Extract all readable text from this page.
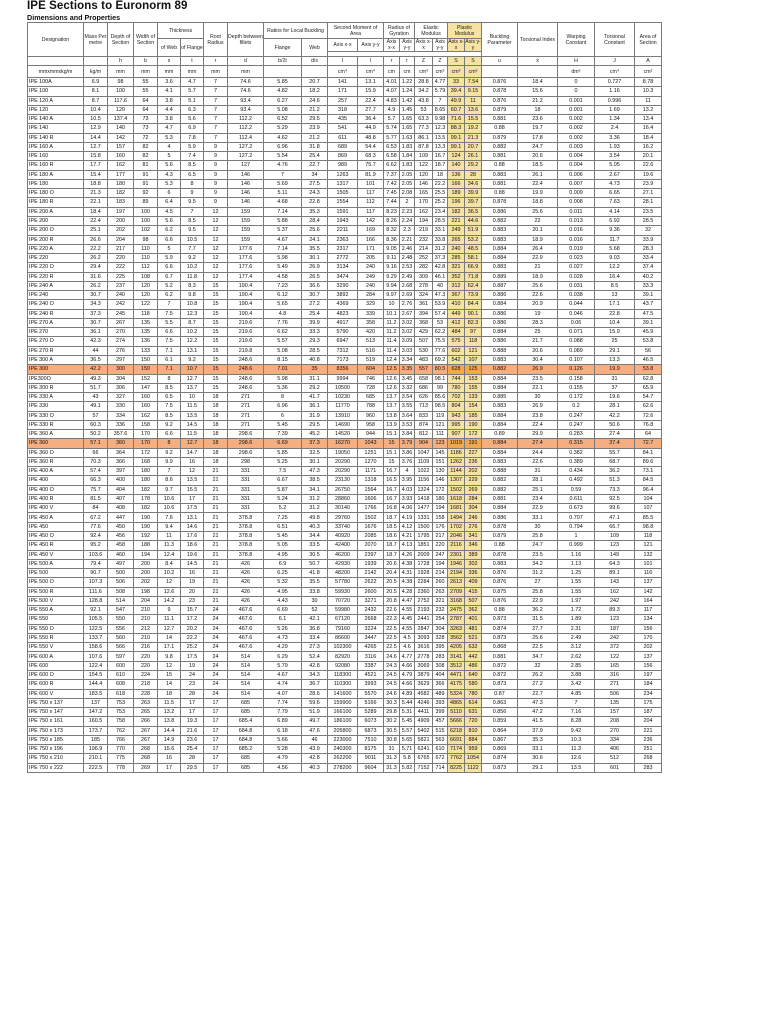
IPE Sections to Euronorm 89
Dimensions and Properties
Designation	Mass Per metre	Depth of Section	Width of Section	Thickness		Root Radius	Depth between fillets	Ratios for Local Buckling		Second Moment of Area		Radius of Gyration		Elastic Modulus		Plastic Modulus		Buckling Parameter	Torsional Index	Warping Constant	Torsional Constant	Area of Section
				of Web	of Flange			Flange	Web	Axis x-x	Axis y-y	Axis x-x	Axis y-y	Axis x-x	Axis y-y	Axis x-x	Axis y-y					

		h	b	s	t	r	d	b/2t	d/s	I	I	r	r	Z	Z	S	S	u	x	H	J	A
mmxmmxkg/m	kg/m	mm	mm	mm	mm	mm	mm			cm⁴	cm⁴	cm	cm	cm³	cm³	cm³	cm³			dm⁶	cm⁴	cm²
IPE 100A	6.9	98	55	3.6	4.7	7	74.6	5.85	20.7	141	13.1	4.01	1.22	28.8	4.77	33	7.54	0.876	18.4	0	0.727	8.78
IPE 100	8.1	100	55	4.1	5.7	7	74.6	4.82	18.2	171	15.9	4.07	1.24	34.2	5.79	39.4	9.15	0.878	15.6	0	1.16	10.3
IPE 120 A	8.7	117.6	64	3.8	5.1	7	93.4	6.27	24.6	257	22.4	4.83	1.42	43.8	7	49.9	11	0.876	21.2	0.001	0.996	11
IPE 120	10.4	120	64	4.4	6.3	7	93.4	5.08	21.2	318	27.7	4.9	1.45	53	8.65	60.7	13.6	0.879	18	0.001	1.69	13.2
IPE 140 A	10.5	137.4	73	3.8	5.6	7	112.2	6.52	29.5	435	36.4	5.7	1.65	63.3	9.98	71.6	15.5	0.881	23.6	0.002	1.34	13.4
IPE 140	12.9	140	73	4.7	6.9	7	112.2	5.29	23.9	541	44.9	5.74	1.65	77.3	12.3	88.3	19.2	0.88	19.7	0.002	2.4	16.4
IPE 140 R	14.4	142	72	5.3	7.8	7	112.4	4.62	21.2	611	48.8	5.77	1.63	86.1	13.5	99.1	21.3	0.879	17.8	0.002	3.36	18.4
IPE 160 A	12.7	157	82	4	5.9	9	127.2	6.96	31.8	689	54.4	6.53	1.83	87.8	13.3	99.1	20.7	0.882	24.7	0.003	1.93	16.2
IPE 160	15.8	160	82	5	7.4	9	127.2	5.54	25.4	869	68.3	6.58	1.84	109	16.7	124	26.1	0.881	20.6	0.004	3.54	20.1
IPE 160 R	17.7	162	81	5.6	8.5	9	127	4.76	22.7	989	75.7	6.62	1.83	122	18.7	140	29.2	0.88	18.5	0.004	5.05	22.6
IPE 180 A	15.4	177	91	4.3	6.5	9	146	7	34	1263	81.9	7.37	2.05	120	18	136	28	0.883	26.1	0.006	2.67	19.6
IPE 180	18.8	180	91	5.3	8	9	146	5.69	27.5	1317	101	7.42	2.05	146	22.2	166	34.6	0.881	22.4	0.007	4.73	23.9
IPE 180 O	21.3	182	92	6	9	9	146	5.11	24.3	1505	117	7.45	2.08	165	25.5	189	39.9	0.88	19.9	0.009	6.65	27.1
IPE 180 R	22.1	183	89	6.4	9.5	9	146	4.68	22.8	1554	112	7.44	2	170	25.2	196	39.7	0.878	18.8	0.008	7.63	28.1
IPE 200 A	18.4	197	100	4.5	7	12	159	7.14	35.3	1591	117	8.23	2.23	162	23.4	182	36.5	0.886	25.6	0.011	4.14	23.5
IPE 200	22.4	200	100	5.6	8.5	12	159	5.88	28.4	1943	142	8.26	2.24	194	28.5	221	44.6	0.882	22	0.013	6.92	28.5
IPE 200 O	25.1	202	102	6.2	9.5	12	159	5.37	25.6	2211	169	8.32	2.3	219	33.1	249	51.9	0.883	20.1	0.016	9.36	32
IPE 200 R	26.6	204	98	6.6	10.5	12	159	4.67	24.1	2363	166	8.36	2.21	232	33.8	265	53.2	0.883	18.9	0.016	11.7	33.9
IPE 220 A	22.2	217	110	5	7.7	12	177.6	7.14	35.5	2317	171	9.05	2.46	214	31.2	240	48.5	0.884	26.4	0.019	5.68	28.3
IPE 220	26.2	220	110	5.9	9.2	12	177.6	5.98	30.1	2772	205	9.11	2.48	252	37.3	285	58.1	0.884	22.9	0.023	9.03	33.4
IPE 220 O	29.4	222	112	6.6	10.2	12	177.6	5.49	26.9	3134	240	9.16	2.53	282	42.8	321	66.9	0.883	21	0.027	12.2	37.4
IPE 220 R	31.6	225	108	6.7	11.8	12	177.4	4.58	26.5	3474	249	9.29	2.49	309	46.1	352	71.8	0.889	18.9	0.028	16.4	40.2
IPE 240 A	26.2	237	120	5.2	8.3	15	190.4	7.23	36.6	3290	240	9.94	2.68	278	40	312	62.4	0.887	25.6	0.031	8.5	33.3
IPE 240	30.7	240	120	6.2	9.8	15	190.4	6.12	30.7	3892	284	9.97	2.69	324	47.3	367	73.9	0.886	22.6	0.038	13	39.1
IPE 240 O	34.3	242	122	7	10.8	15	190.4	5.65	27.2	4369	329	10	2.76	361	53.9	410	84.4	0.884	20.9	0.044	17.1	43.7
IPE 240 R	37.3	245	118	7.5	12.3	15	190.4	4.8	25.4	4823	339	10.1	2.67	394	57.4	449	90.1	0.886	19	0.046	22.8	47.5
IPE 270 A	30.7	267	135	5.5	8.7	15	219.6	7.76	39.9	4917	358	11.2	3.02	368	53	412	82.3	0.886	28.3	0.06	10.4	39.1
IPE 270	36.1	270	135	6.6	10.2	15	219.6	6.62	33.3	5790	420	11.2	3.02	429	62.2	484	97	0.884	25	0.071	15.9	45.9
IPE 270 O	42.3	274	136	7.5	12.2	15	219.6	5.57	29.3	6947	513	11.4	3.09	507	75.5	575	118	0.886	21.7	0.088	25	53.8
IPE 270 R	44	276	133	7.1	13.1	15	219.8	5.08	28.5	7312	516	11.4	3.03	530	77.6	602	121	0.888	20.6	0.089	29.1	56
IPE 300 A	36.5	297	150	6.1	9.2	15	248.6	8.15	40.8	7173	519	12.4	3.34	483	69.2	542	107	0.883	30.4	0.107	13.3	46.5
IPE 300	42.2	300	150	7.1	10.7	15	248.6	7.01	35	8356	604	12.5	3.35	557	80.5	628	125	0.882	26.9	0.126	19.9	53.8
IPE300O	49.3	304	152	8	12.7	15	248.6	5.98	31.1	9994	746	12.6	3.45	658	98.1	744	153	0.884	23.5	0.158	31	62.8
IPE 300 R	51.7	306	147	8.5	13.7	15	248.6	5.36	29.2	10500	728	12.6	3.32	686	99	780	155	0.884	22.1	0.155	37	65.9
IPE 330 A	43	327	160	6.5	10	18	271	8	41.7	10230	685	13.7	3.54	626	85.6	702	133	0.885	30	0.172	19.6	54.7
IPE 330	49.1	330	160	7.5	11.5	18	271	6.96	36.1	11770	788	13.7	3.55	713	98.5	804	154	0.883	26.9	0.2	28.1	62.6
IPE 330 O	57	334	162	8.5	13.5	18	271	6	31.9	13910	960	13.8	3.64	833	119	943	185	0.884	23.8	0.247	42.2	72.6
IPE 330 R	60.3	336	158	9.2	14.5	18	271	5.45	29.5	14690	958	13.9	3.53	874	121	995	190	0.884	22.4	0.247	50.6	76.8
IPE 360 A	50.2	357.6	170	6.6	11.5	18	298.6	7.39	45.2	14520	944	15.1	3.84	812	111	907	172	0.89	29.9	0.283	27.4	64
IPE 360	57.1	360	170	8	12.7	18	298.6	6.69	37.3	16270	1043	15	3.79	904	123	1019	191	0.884	27.4	0.315	37.4	72.7
IPE 360 O	66	364	172	9.2	14.7	18	298.6	5.85	32.5	19050	1251	15.1	3.86	1047	145	1186	227	0.884	24.4	0.382	55.7	84.1
IPE 360 R	70.3	366	168	9.9	16	18	298	5.25	30.1	20290	1270	15	3.76	1109	151	1262	236	0.883	22.6	0.389	68.7	89.6
IPE 400 A	57.4	397	180	7	12	21	331	7.5	47.3	20290	1171	16.7	4	1022	130	1144	202	0.888	31	0.434	36.2	73.1
IPE 400	66.3	400	180	8.6	13.5	21	331	6.67	38.5	23130	1318	16.5	3.95	1156	146	1307	229	0.882	28.1	0.492	51.3	84.5
IPE 400 O	75.7	404	182	9.7	15.5	21	331	5.87	34.1	26750	1564	16.7	4.03	1324	172	1502	269	0.882	25.1	0.59	73.3	96.4
IPE 400 R	81.5	407	178	10.6	17	21	331	5.24	31.2	28860	1606	16.7	3.93	1418	180	1618	284	0.881	23.4	0.611	92.5	104
IPE 400 V	84	408	182	10.6	17.5	21	331	5.2	31.2	30140	1766	16.8	4.06	1477	194	1681	304	0.884	22.9	0.673	99.6	107
IPE 450 A	67.2	447	190	7.6	13.1	21	378.8	7.25	49.8	29760	1502	18.7	4.19	1331	158	1494	246	0.886	33.1	0.707	47.1	85.5
IPE 450	77.6	450	190	9.4	14.6	21	378.8	6.51	40.3	33740	1676	18.5	4.12	1500	176	1702	276	0.878	30	0.794	66.7	98.8
IPE 450 O	92.4	456	192	11	17.6	21	378.8	5.45	34.4	40920	2085	18.6	4.21	1795	217	2046	341	0.879	25.8	1	109	118
IPE 450 R	95.2	458	188	11.3	18.6	21	378.8	5.05	33.5	42400	2070	18.7	4.13	1851	220	2116	346	0.88	24.7	0.999	123	121
IPE 450 V	103.6	460	194	12.4	19.6	21	378.8	4.95	30.5	46200	2397	18.7	4.26	2009	247	2301	389	0.878	23.5	1.16	149	132
IPE 500 A	79.4	497	200	8.4	14.5	21	426	6.9	50.7	42930	1939	20.6	4.38	1728	194	1946	302	0.883	34.2	1.13	64.3	101
IPE 500	90.7	500	200	10.2	16	21	426	6.25	41.8	48200	2142	20.4	4.31	1928	214	2194	336	0.876	31.2	1.25	89.1	116
IPE 500 O	107.3	506	202	12	19	21	426	5.32	35.5	57780	2622	20.5	4.38	2284	260	2613	409	0.876	27	1.55	143	137
IPE 500 R	111.6	508	198	12.6	20	21	426	4.95	33.8	59930	2600	20.5	4.28	2360	263	2709	415	0.875	25.8	1.55	162	142
IPE 500 V	128.8	514	204	14.2	23	21	426	4.43	30	70720	3271	20.8	4.47	2752	321	3168	507	0.876	22.9	1.97	242	164
IPE 550 A	92.1	547	210	9	15.7	24	467.6	6.69	52	59980	2432	22.6	4.55	2193	232	2475	362	0.88	36.2	1.72	89.3	117
IPE 550	105.5	550	210	11.1	17.2	24	467.6	6.1	42.1	67120	2668	22.3	4.45	2441	254	2787	401	0.873	31.5	1.89	123	134
IPE 550 O	122.5	556	212	12.7	20.2	24	467.6	5.26	36.8	79160	3224	22.5	4.55	2847	304	3263	481	0.874	27.7	2.31	187	156
IPE 550 R	133.7	560	210	14	22.2	24	467.6	4.73	33.4	86600	3447	22.5	4.5	3093	328	3562	521	0.873	25.6	2.49	242	170
IPE 550 V	158.6	566	216	17.1	25.2	24	467.6	4.29	27.3	102300	4265	22.5	4.6	3616	395	4205	632	0.868	22.5	3.12	372	202
IPE 600 A	107.6	597	220	9.8	17.5	24	514	6.29	52.4	82920	3116	24.6	4.77	2778	283	3141	442	0.881	34.7	2.62	122	137
IPE 600	122.4	600	220	12	19	24	514	5.79	42.8	92080	3387	24.3	4.66	3069	308	3512	486	0.872	32	2.85	165	156
IPE 600 O	154.5	610	224	15	24	24	514	4.67	34.3	118300	4521	24.5	4.79	3879	404	4471	640	0.872	26.2	3.88	316	197
IPE 600 R	144.4	608	218	14	23	24	514	4.74	36.7	110300	3993	24.5	4.66	3629	366	4175	580	0.873	27.2	3.42	271	184
IPE 600 V	183.5	618	228	18	28	24	514	4.07	28.6	141600	5570	24.6	4.89	4582	489	5324	780	0.87	22.7	4.85	506	234
IPE 750 x 137	137	753	263	11.5	17	17	685	7.74	59.6	159900	5166	30.3	5.44	4246	393	4865	614	0.863	47.3	7	135	175
IPE 750 x 147	147.2	753	265	13.2	17	17	685	7.79	51.9	166100	5289	29.8	5.31	4411	399	5110	631	0.856	47.2	7.16	157	187
IPE 750 x 161	160.5	758	266	13.8	19.3	17	685.4	6.89	49.7	186100	6073	30.2	5.45	4909	457	5666	720	0.859	41.5	8.28	208	204
IPE 750 x 173	173.7	762	267	14.4	21.6	17	684.8	6.18	47.6	205800	6873	30.5	5.57	5402	515	6218	810	0.864	37.9	9.42	270	221
IPE 750 x 185	185	766	267	14.9	23.6	17	684.8	5.66	46	223000	7510	30.8	5.65	5821	563	6691	884	0.867	35.3	10.3	334	236
IPE 750 x 196	196.9	770	268	15.6	25.4	17	685.2	5.28	43.9	240300	8175	31	5.71	6241	610	7174	959	0.869	33.1	11.3	406	251
IPE 750 x 210	210.1	775	268	16	28	17	685	4.79	42.8	262200	9011	31.3	5.8	6765	672	7762	1054	0.874	30.6	12.6	512	268
IPE 750 x 222	222.5	778	269	17	29.5	17	685	4.56	40.3	278200	9604	31.3	5.82	7152	714	8225	1122	0.873	29.1	13.5	601	283
